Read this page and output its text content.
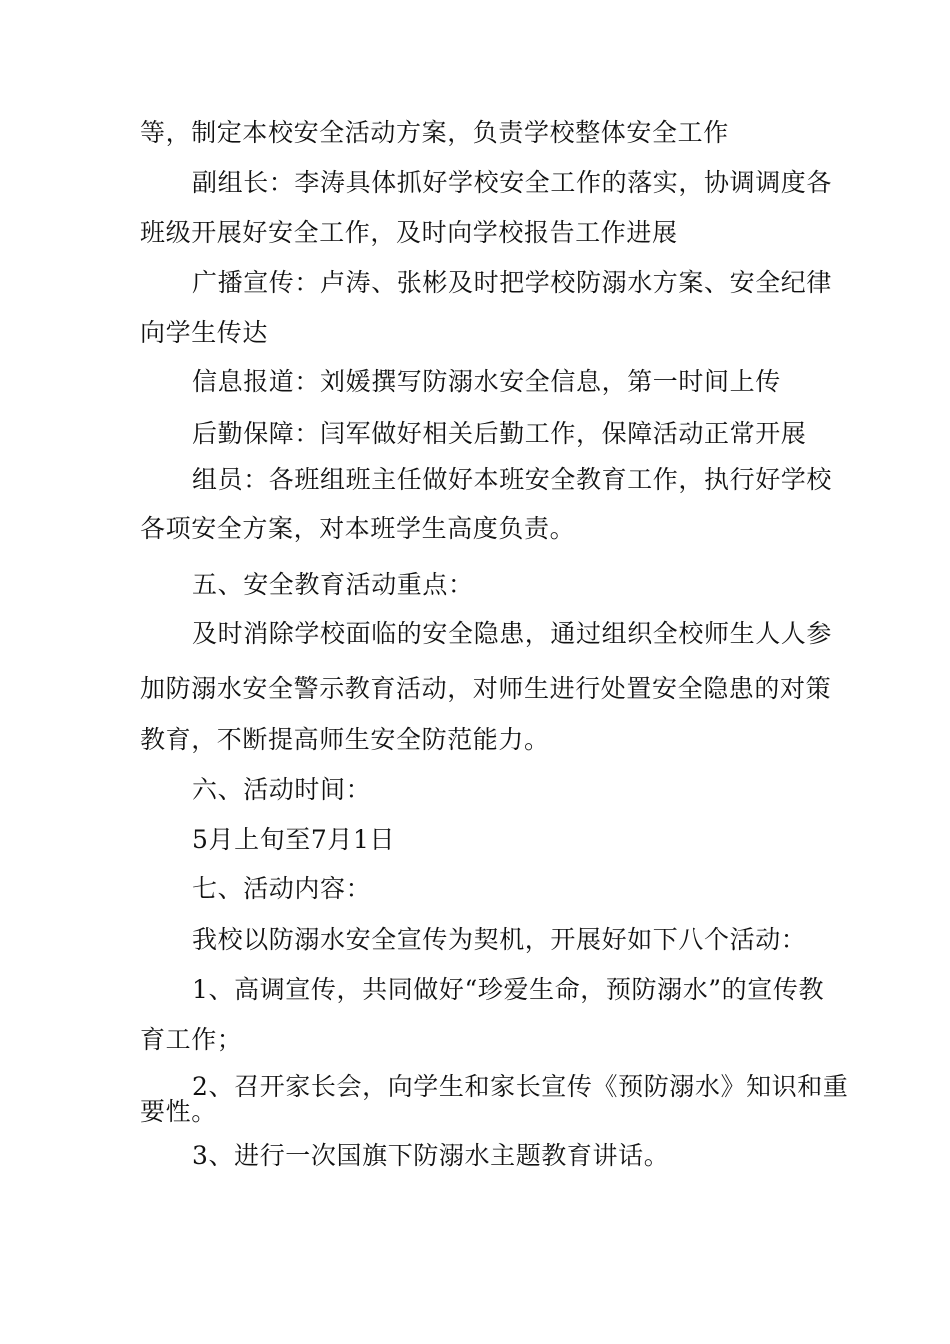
等，制定本校安全活动方案，负责学校整体安全工作
副组长：李涛具体抓好学校安全工作的落实，协调调度各
班级开展好安全工作，及时向学校报告工作进展
广播宣传：卢涛、张彬及时把学校防溺水方案、安全纪律
向学生传达
信息报道：刘媛撰写防溺水安全信息，第一时间上传
后勤保障：闫军做好相关后勤工作，保障活动正常开展
组员：各班组班主任做好本班安全教育工作，执行好学校
各项安全方案，对本班学生高度负责。
五、安全教育活动重点：
及时消除学校面临的安全隐患，通过组织全校师生人人参
加防溺水安全警示教育活动，对师生进行处置安全隐患的对策
教育，不断提高师生安全防范能力。
六、活动时间：
5月上旬至7月1日
七、活动内容：
我校以防溺水安全宣传为契机，开展好如下八个活动：
1、高调宣传，共同做好“珍爱生命，预防溺水”的宣传教
育工作；
2、召开家长会，向学生和家长宣传《预防溺水》知识和重
要性。
3、进行一次国旗下防溺水主题教育讲话。
